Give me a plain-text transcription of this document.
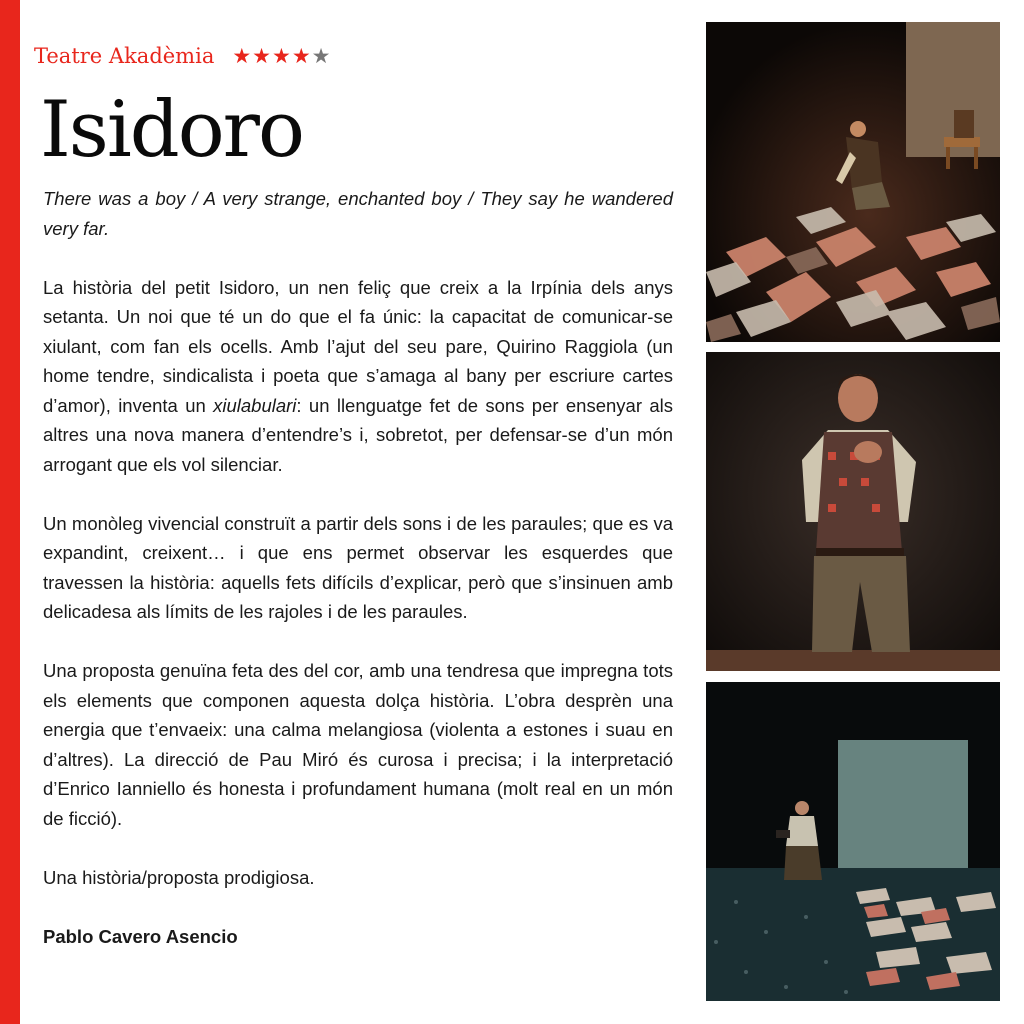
Teatre Akadèmia ★★★★★
Isidoro

There was a boy / A very strange, enchanted boy / They say he wandered very far.

La història del petit Isidoro, un nen feliç que creix a la Irpínia dels anys setanta. Un noi que té un do que el fa únic: la capacitat de comunicar-se xiulant, com fan els ocells. Amb l’ajut del seu pare, Quirino Raggiola (un home tendre, sindicalista i poeta que s’amaga al bany per escriure cartes d’amor), inventa un xiulabulari: un llenguatge fet de sons per ensenyar als altres una nova manera d’entendre’s i, sobretot, per defensar-se d’un món arrogant que els vol silenciar.

Un monòleg vivencial construït a partir dels sons i de les paraules; que es va expandint, creixent… i que ens permet observar les esquerdes que travessen la història: aquells fets difícils d’explicar, però que s’insinuen amb delicadesa als límits de les rajoles i de les paraules.

Una proposta genuïna feta des del cor, amb una tendresa que impregna tots els elements que componen aquesta dolça història. L’obra desprèn una energia que t’envaeix: una calma melangiosa (violenta a estones i suau en d’altres). La direcció de Pau Miró és curosa i precisa; i la interpretació d’Enrico Ianniello és honesta i profundament humana (molt real en un món de ficció).

Una història/proposta prodigiosa.

Pablo Cavero Asencio
